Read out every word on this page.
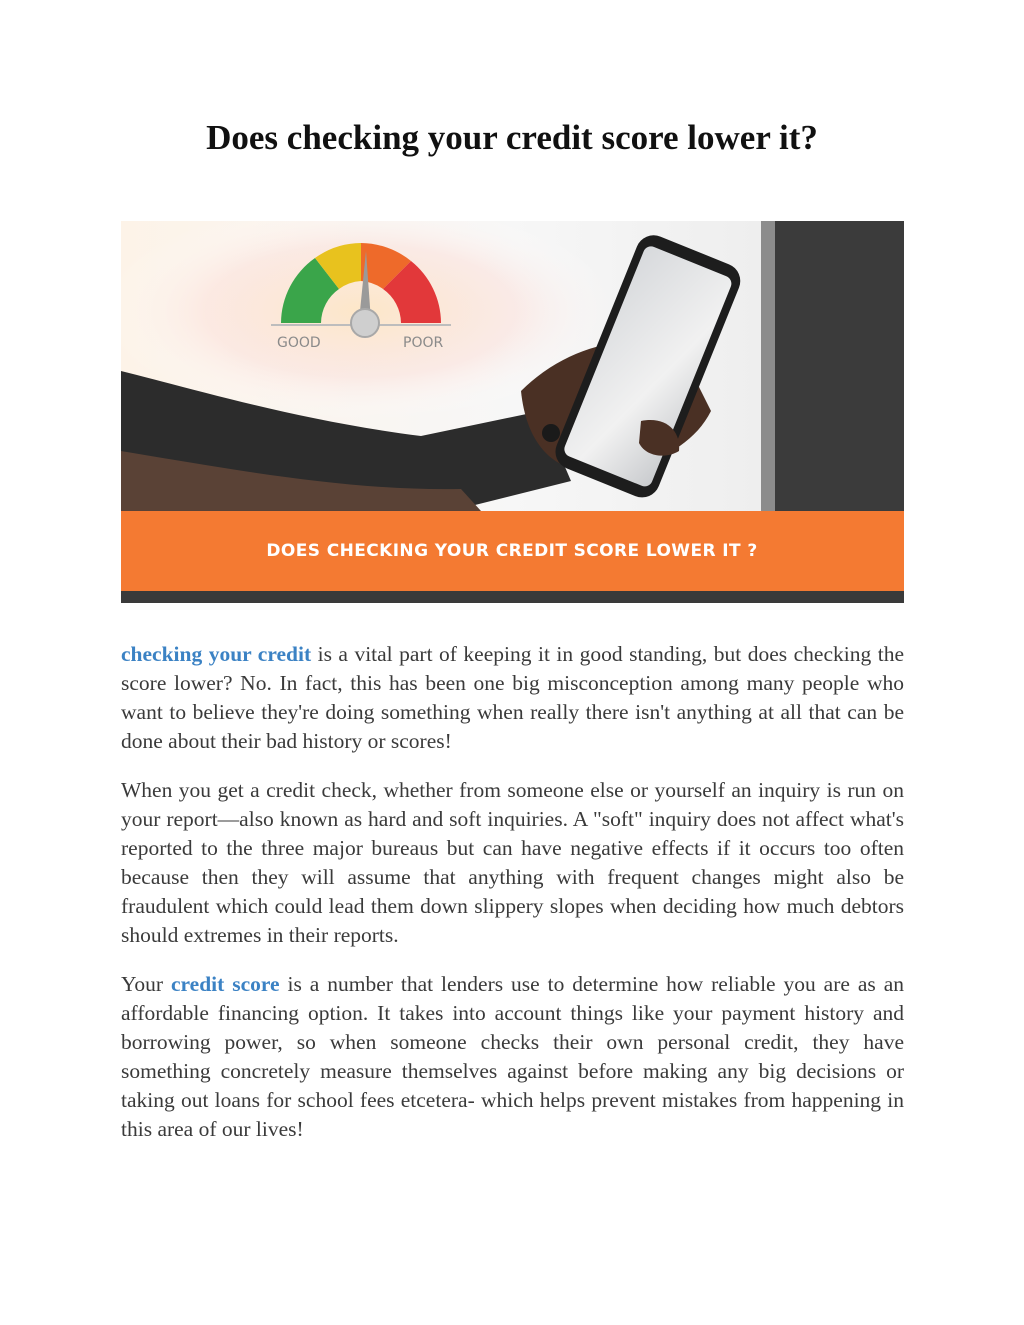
Does checking your credit score lower it?
GOOD	POOR
DOES CHECKING YOUR CREDIT SCORE LOWER IT ?

checking your credit is a vital part of keeping it in good standing, but does checking the score lower? No. In fact, this has been one big misconception among many people who want to believe they're doing something when really there isn't anything at all that can be done about their bad history or scores!

When you get a credit check, whether from someone else or yourself an inquiry is run on your report—also known as hard and soft inquiries. A "soft" inquiry does not affect what's reported to the three major bureaus but can have negative effects if it occurs too often because then they will assume that anything with frequent changes might also be fraudulent which could lead them down slippery slopes when deciding how much debtors should extremes in their reports.

Your credit score is a number that lenders use to determine how reliable you are as an affordable financing option. It takes into account things like your payment history and borrowing power, so when someone checks their own personal credit, they have something concretely measure themselves against before making any big decisions or taking out loans for school fees etcetera- which helps prevent mistakes from happening in this area of our lives!
